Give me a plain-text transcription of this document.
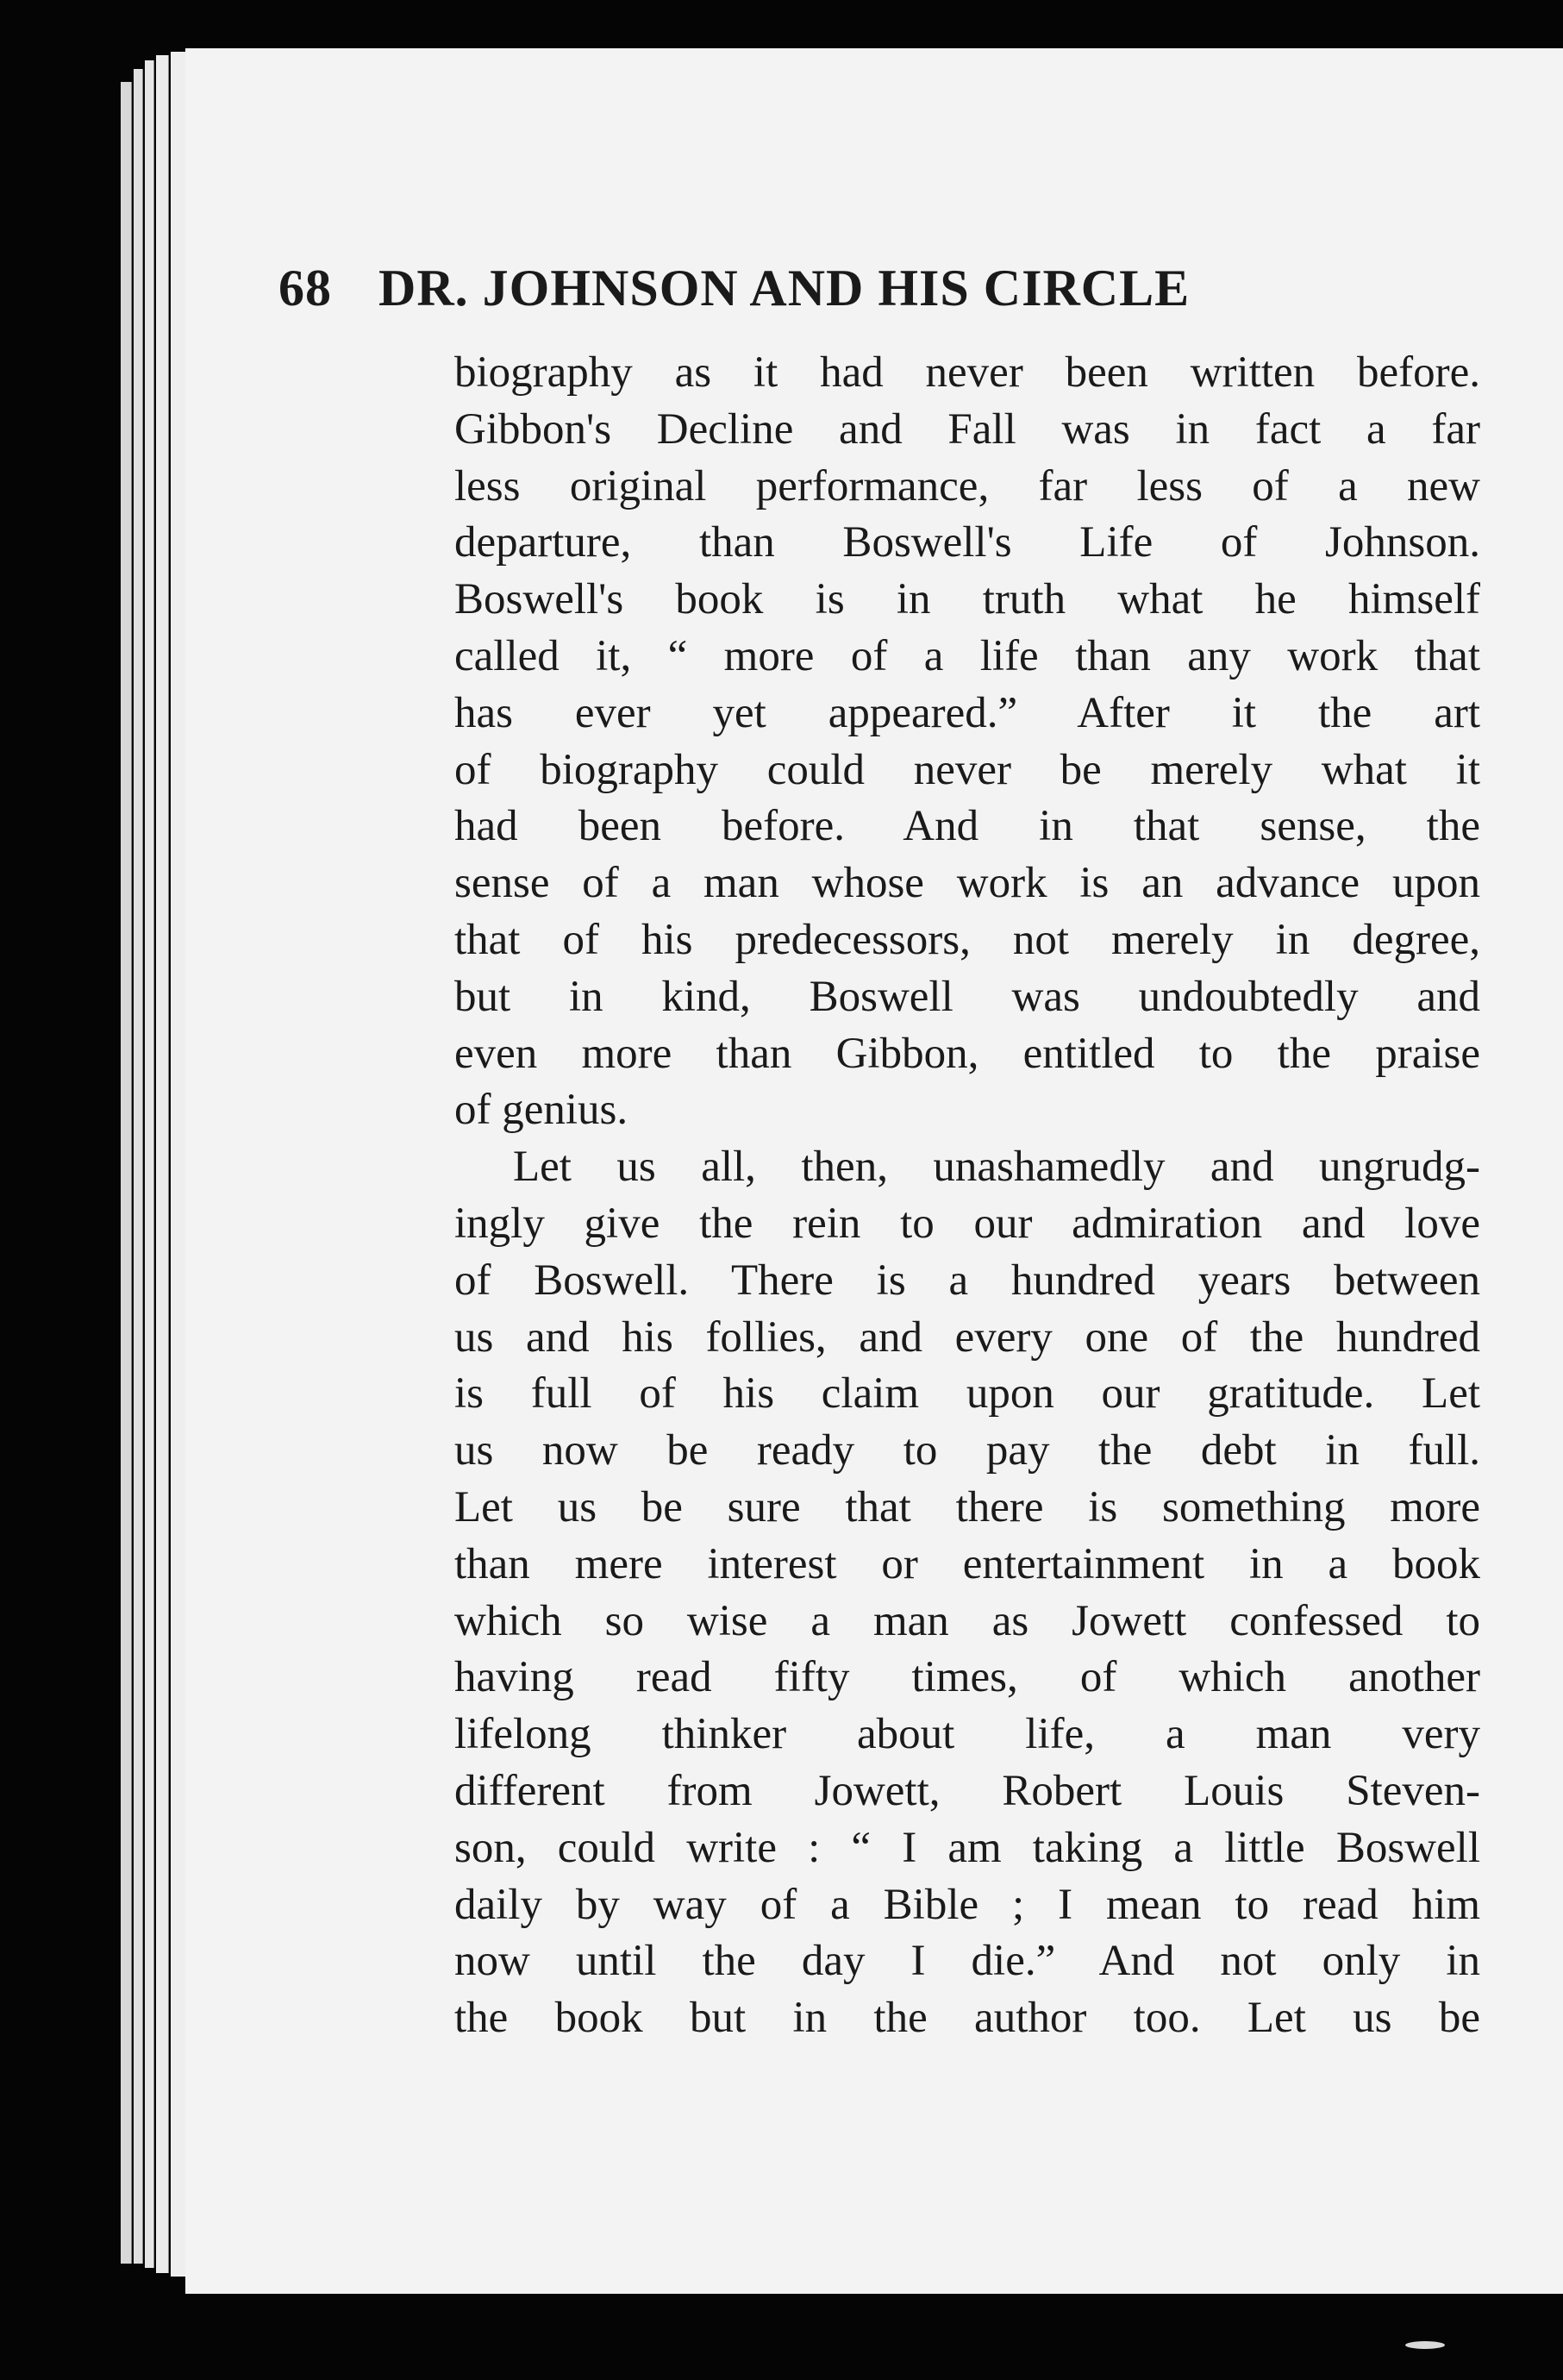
68 DR. JOHNSON AND HIS CIRCLE
biography as it had never been written before.
Gibbon's Decline and Fall was in fact a far
less original performance, far less of a new
departure, than Boswell's Life of Johnson.
Boswell's book is in truth what he himself
called it, “ more of a life than any work that
has ever yet appeared.” After it the art
of biography could never be merely what it
had been before. And in that sense, the
sense of a man whose work is an advance upon
that of his predecessors, not merely in degree,
but in kind, Boswell was undoubtedly and
even more than Gibbon, entitled to the praise
of genius.
Let us all, then, unashamedly and ungrudg-
ingly give the rein to our admiration and love
of Boswell. There is a hundred years between
us and his follies, and every one of the hundred
is full of his claim upon our gratitude. Let
us now be ready to pay the debt in full.
Let us be sure that there is something more
than mere interest or entertainment in a book
which so wise a man as Jowett confessed to
having read fifty times, of which another
lifelong thinker about life, a man very
different from Jowett, Robert Louis Steven-
son, could write : “ I am taking a little Boswell
daily by way of a Bible ; I mean to read him
now until the day I die.” And not only in
the book but in the author too. Let us be
